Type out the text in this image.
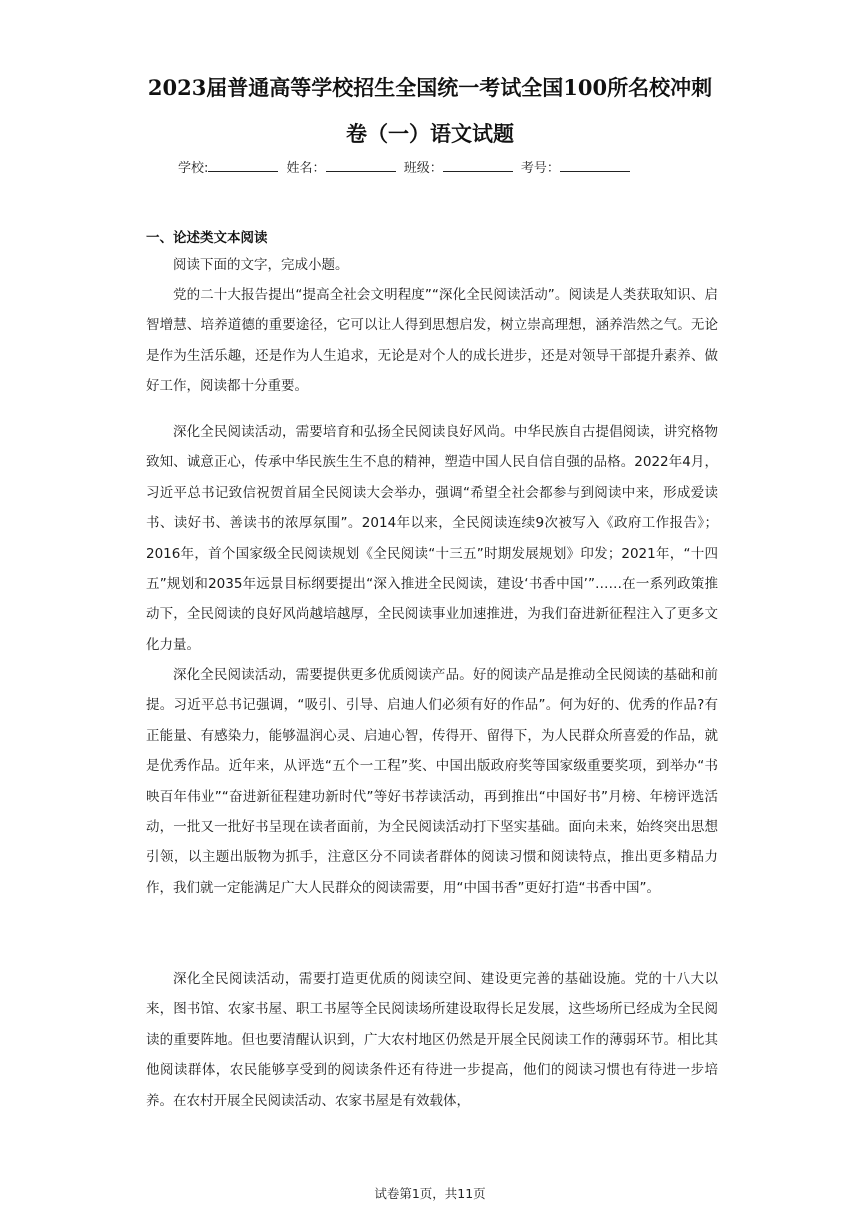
2023届普通高等学校招生全国统一考试全国100所名校冲刺
卷（一）语文试题
学校:	姓名：	班级：	考号：
一、论述类文本阅读
阅读下面的文字，完成小题。

党的二十大报告提出“提高全社会文明程度”“深化全民阅读活动”。阅读是人类获取知识、启智增慧、培养道德的重要途径，它可以让人得到思想启发，树立崇高理想，涵养浩然之气。无论是作为生活乐趣，还是作为人生追求，无论是对个人的成长进步，还是对领导干部提升素养、做好工作，阅读都十分重要。

深化全民阅读活动，需要培育和弘扬全民阅读良好风尚。中华民族自古提倡阅读，讲究格物致知、诚意正心，传承中华民族生生不息的精神，塑造中国人民自信自强的品格。2022年4月，习近平总书记致信祝贺首届全民阅读大会举办，强调“希望全社会都参与到阅读中来，形成爱读书、读好书、善读书的浓厚氛围”。2014年以来，全民阅读连续9次被写入《政府工作报告》；2016年，首个国家级全民阅读规划《全民阅读“十三五”时期发展规划》印发；2021年，“十四五”规划和2035年远景目标纲要提出“深入推进全民阅读，建设‘书香中国’”……在一系列政策推动下，全民阅读的良好风尚越培越厚，全民阅读事业加速推进，为我们奋进新征程注入了更多文化力量。

深化全民阅读活动，需要提供更多优质阅读产品。好的阅读产品是推动全民阅读的基础和前提。习近平总书记强调，“吸引、引导、启迪人们必须有好的作品”。何为好的、优秀的作品?有正能量、有感染力，能够温润心灵、启迪心智，传得开、留得下，为人民群众所喜爱的作品，就是优秀作品。近年来，从评选“五个一工程”奖、中国出版政府奖等国家级重要奖项，到举办“书映百年伟业”“奋进新征程建功新时代”等好书荐读活动，再到推出“中国好书”月榜、年榜评选活动，一批又一批好书呈现在读者面前，为全民阅读活动打下坚实基础。面向未来，始终突出思想引领，以主题出版物为抓手，注意区分不同读者群体的阅读习惯和阅读特点，推出更多精品力作，我们就一定能满足广大人民群众的阅读需要，用“中国书香”更好打造“书香中国”。

深化全民阅读活动，需要打造更优质的阅读空间、建设更完善的基础设施。党的十八大以来，图书馆、农家书屋、职工书屋等全民阅读场所建设取得长足发展，这些场所已经成为全民阅读的重要阵地。但也要清醒认识到，广大农村地区仍然是开展全民阅读工作的薄弱环节。相比其他阅读群体，农民能够享受到的阅读条件还有待进一步提高，他们的阅读习惯也有待进一步培养。在农村开展全民阅读活动、农家书屋是有效载体，

试卷第1页，共11页
